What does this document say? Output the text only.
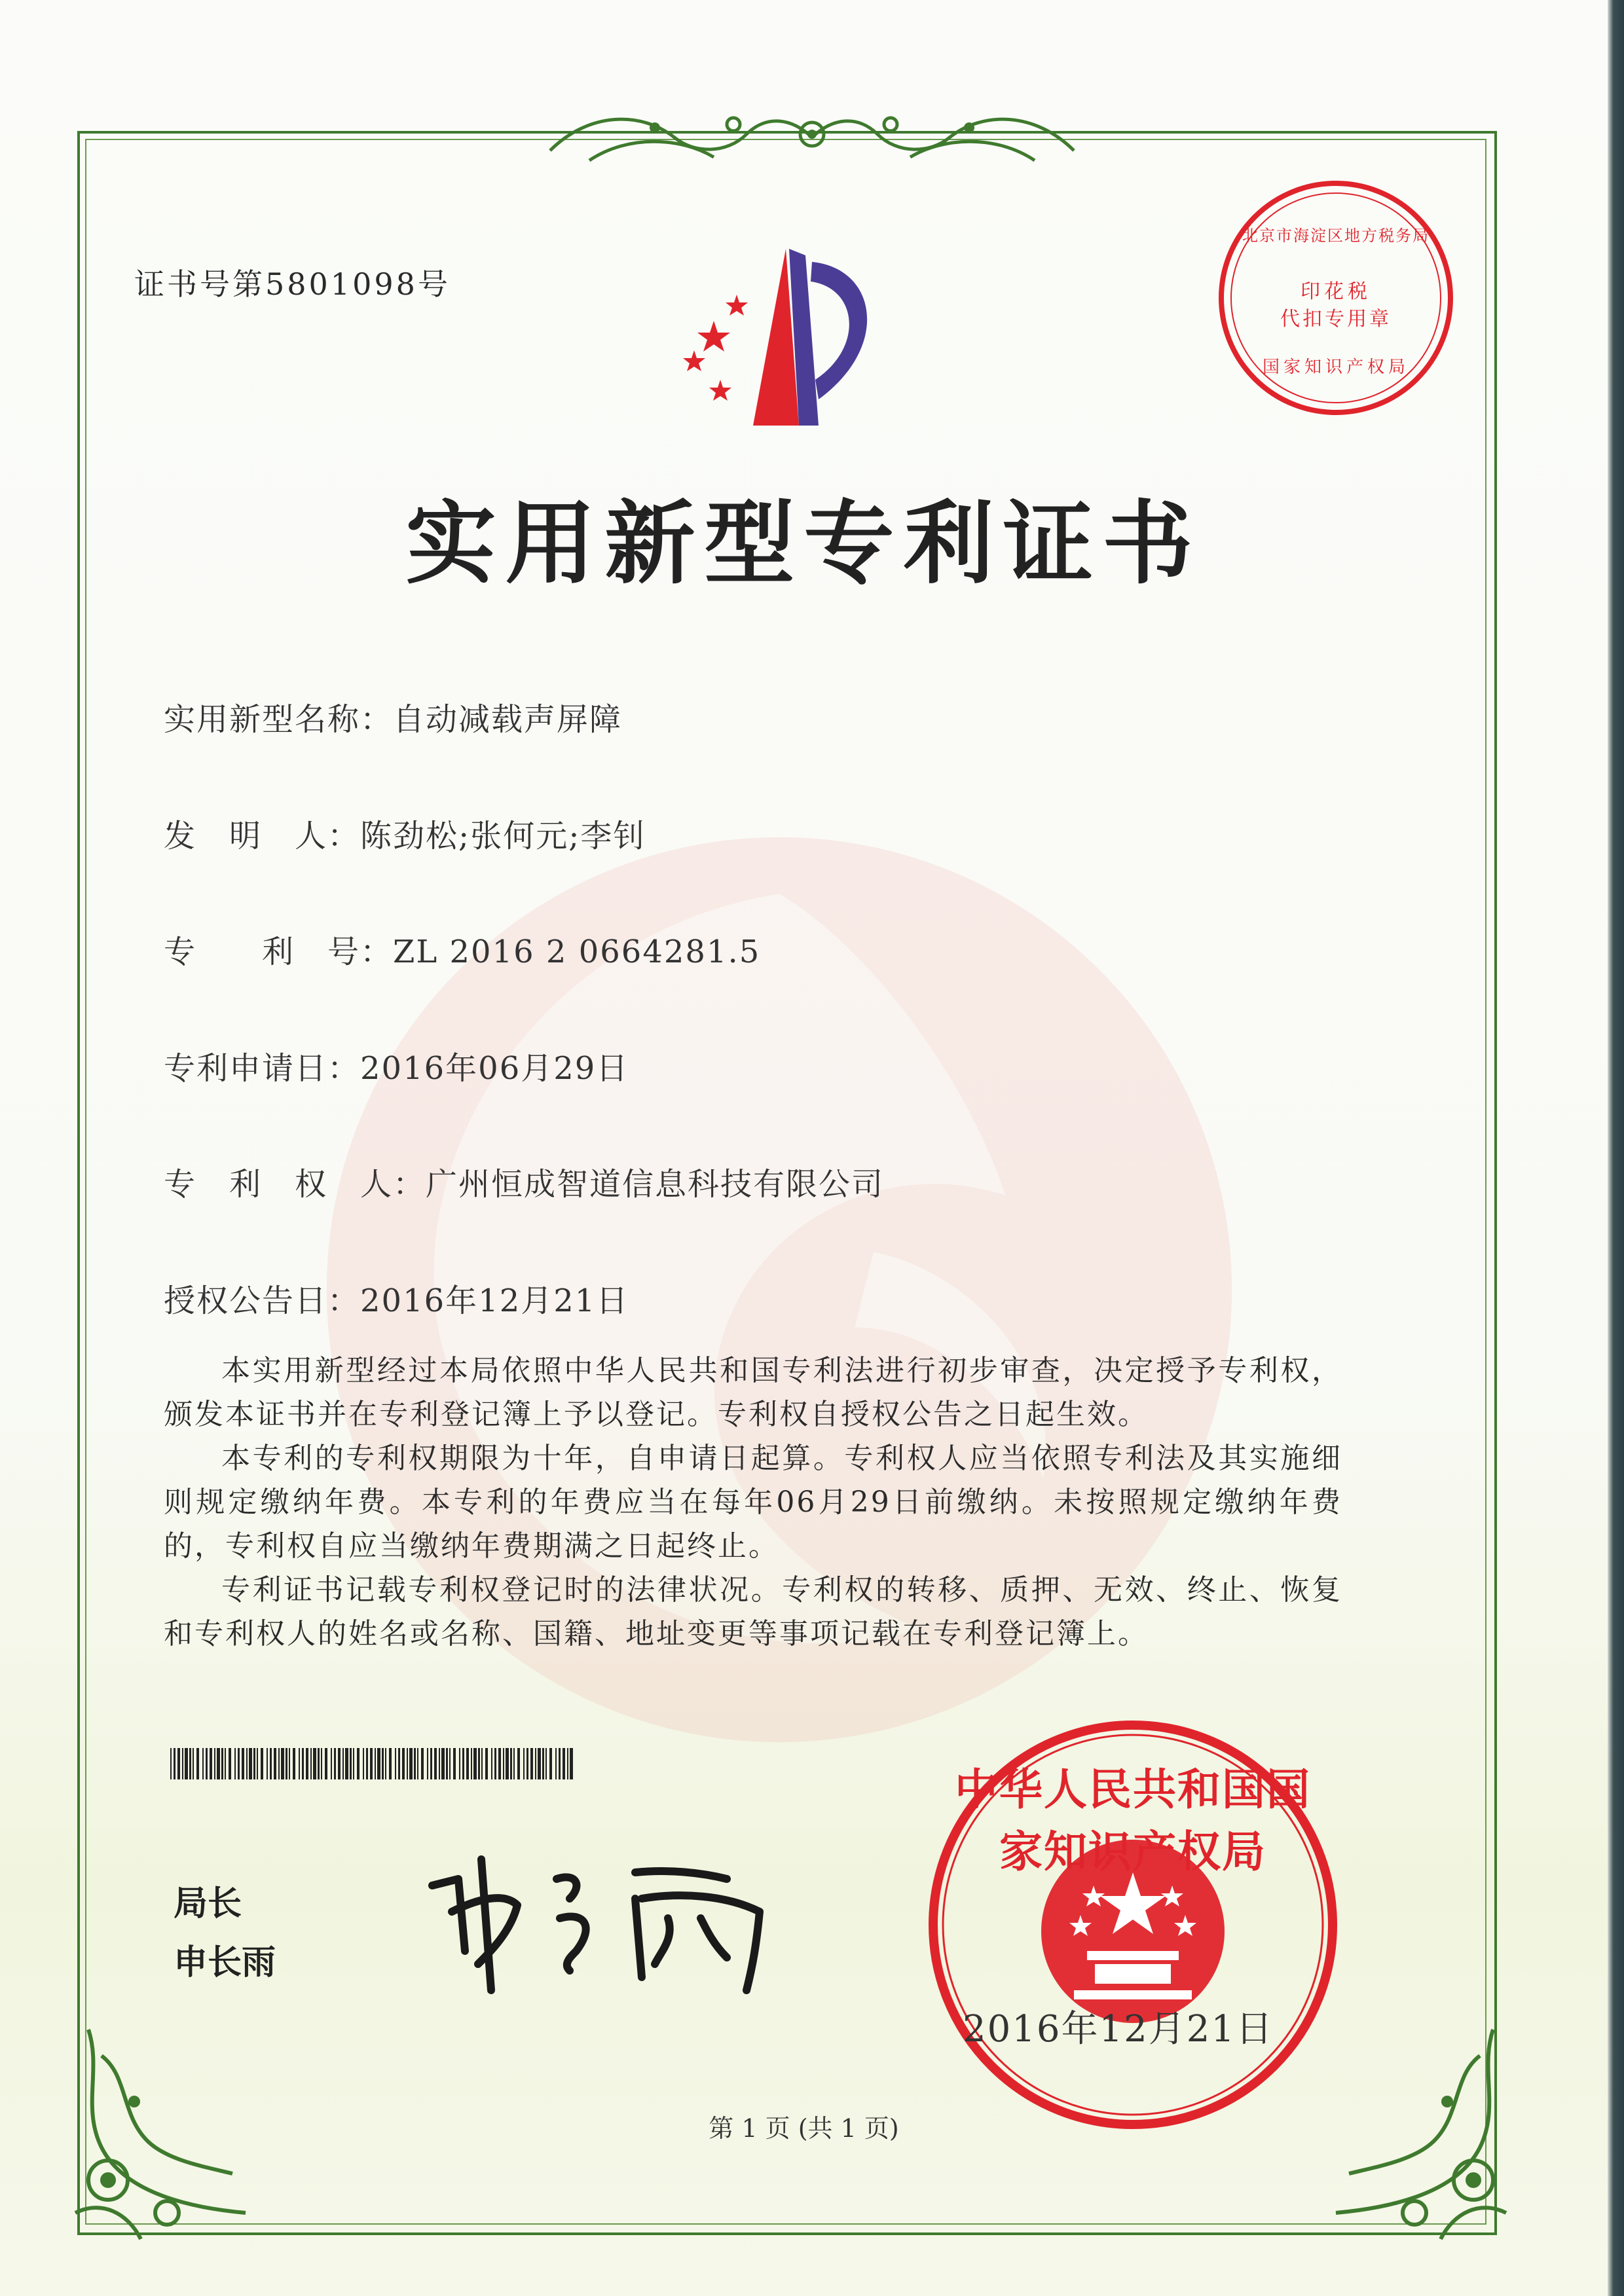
证书号第5801098号
北京市海淀区地方税务局
印花税
代扣专用章
国家知识产权局
实用新型专利证书
实用新型名称：自动减载声屏障
发　明　人：陈劲松;张何元;李钊
专　　利　号：ZL 2016 2 0664281.5
专利申请日：2016年06月29日
专　利　权　人：广州恒成智道信息科技有限公司
授权公告日：2016年12月21日

本实用新型经过本局依照中华人民共和国专利法进行初步审查，决定授予专利权，颁发本证书并在专利登记簿上予以登记。专利权自授权公告之日起生效。

本专利的专利权期限为十年，自申请日起算。专利权人应当依照专利法及其实施细则规定缴纳年费。本专利的年费应当在每年06月29日前缴纳。未按照规定缴纳年费的，专利权自应当缴纳年费期满之日起终止。

专利证书记载专利权登记时的法律状况。专利权的转移、质押、无效、终止、恢复和专利权人的姓名或名称、国籍、地址变更等事项记载在专利登记簿上。

局长
申长雨
中华人民共和国国家知识产权局
2016年12月21日
第 1 页 (共 1 页)
